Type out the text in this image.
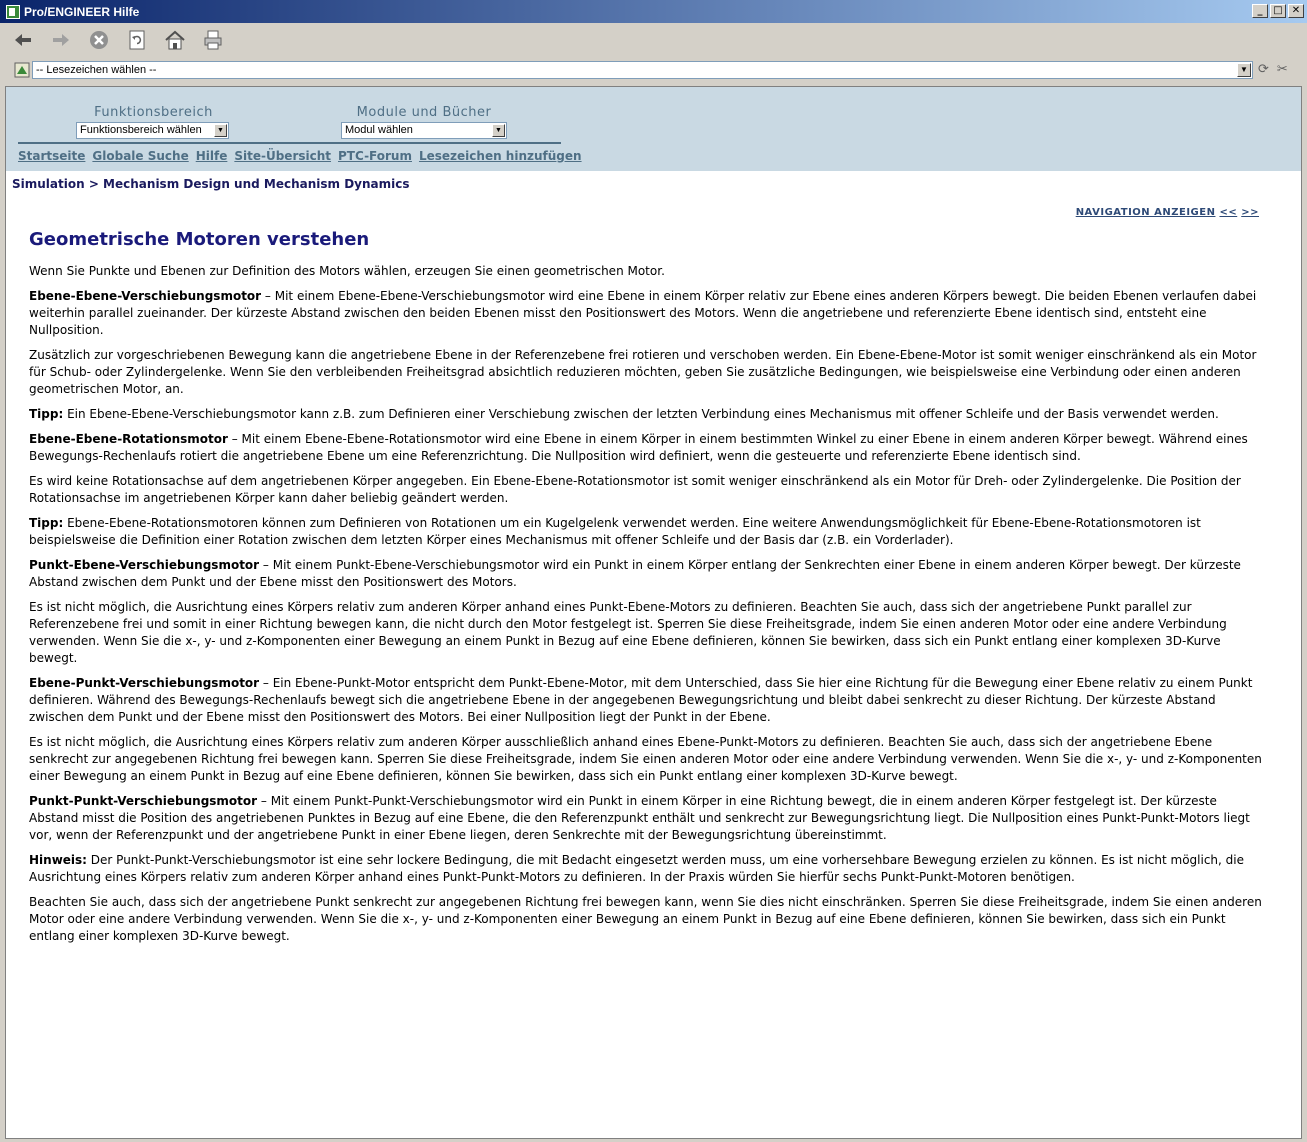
Pro/ENGINEER Hilfe	_	□ ✕
-- Lesezeichen wählen --	▼ ⟳ ✂
Funktionsbereich
Funktionsbereich wählen	▼
Module und Bücher
Modul wählen	▼
Startseite Globale Suche Hilfe Site-Übersicht PTC-Forum Lesezeichen hinzufügen
Simulation > Mechanism Design und Mechanism Dynamics
NAVIGATION ANZEIGEN << >>
Geometrische Motoren verstehen

Wenn Sie Punkte und Ebenen zur Definition des Motors wählen, erzeugen Sie einen geometrischen Motor.

Ebene-Ebene-Verschiebungsmotor – Mit einem Ebene-Ebene-Verschiebungsmotor wird eine Ebene in einem Körper relativ zur Ebene eines anderen Körpers bewegt. Die beiden Ebenen verlaufen dabei weiterhin parallel zueinander. Der kürzeste Abstand zwischen den beiden Ebenen misst den Positionswert des Motors. Wenn die angetriebene und referenzierte Ebene identisch sind, entsteht eine Nullposition.

Zusätzlich zur vorgeschriebenen Bewegung kann die angetriebene Ebene in der Referenzebene frei rotieren und verschoben werden. Ein Ebene-Ebene-Motor ist somit weniger einschränkend als ein Motor für Schub- oder Zylindergelenke. Wenn Sie den verbleibenden Freiheitsgrad absichtlich reduzieren möchten, geben Sie zusätzliche Bedingungen, wie beispielsweise eine Verbindung oder einen anderen geometrischen Motor, an.

Tipp: Ein Ebene-Ebene-Verschiebungsmotor kann z.B. zum Definieren einer Verschiebung zwischen der letzten Verbindung eines Mechanismus mit offener Schleife und der Basis verwendet werden.

Ebene-Ebene-Rotationsmotor – Mit einem Ebene-Ebene-Rotationsmotor wird eine Ebene in einem Körper in einem bestimmten Winkel zu einer Ebene in einem anderen Körper bewegt. Während eines Bewegungs-Rechenlaufs rotiert die angetriebene Ebene um eine Referenzrichtung. Die Nullposition wird definiert, wenn die gesteuerte und referenzierte Ebene identisch sind.

Es wird keine Rotationsachse auf dem angetriebenen Körper angegeben. Ein Ebene-Ebene-Rotationsmotor ist somit weniger einschränkend als ein Motor für Dreh- oder Zylindergelenke. Die Position der Rotationsachse im angetriebenen Körper kann daher beliebig geändert werden.

Tipp: Ebene-Ebene-Rotationsmotoren können zum Definieren von Rotationen um ein Kugelgelenk verwendet werden. Eine weitere Anwendungsmöglichkeit für Ebene-Ebene-Rotationsmotoren ist beispielsweise die Definition einer Rotation zwischen dem letzten Körper eines Mechanismus mit offener Schleife und der Basis dar (z.B. ein Vorderlader).

Punkt-Ebene-Verschiebungsmotor – Mit einem Punkt-Ebene-Verschiebungsmotor wird ein Punkt in einem Körper entlang der Senkrechten einer Ebene in einem anderen Körper bewegt. Der kürzeste Abstand zwischen dem Punkt und der Ebene misst den Positionswert des Motors.

Es ist nicht möglich, die Ausrichtung eines Körpers relativ zum anderen Körper anhand eines Punkt-Ebene-Motors zu definieren. Beachten Sie auch, dass sich der angetriebene Punkt parallel zur Referenzebene frei und somit in einer Richtung bewegen kann, die nicht durch den Motor festgelegt ist. Sperren Sie diese Freiheitsgrade, indem Sie einen anderen Motor oder eine andere Verbindung verwenden. Wenn Sie die x-, y- und z-Komponenten einer Bewegung an einem Punkt in Bezug auf eine Ebene definieren, können Sie bewirken, dass sich ein Punkt entlang einer komplexen 3D-Kurve bewegt.

Ebene-Punkt-Verschiebungsmotor – Ein Ebene-Punkt-Motor entspricht dem Punkt-Ebene-Motor, mit dem Unterschied, dass Sie hier eine Richtung für die Bewegung einer Ebene relativ zu einem Punkt definieren. Während des Bewegungs-Rechenlaufs bewegt sich die angetriebene Ebene in der angegebenen Bewegungsrichtung und bleibt dabei senkrecht zu dieser Richtung. Der kürzeste Abstand zwischen dem Punkt und der Ebene misst den Positionswert des Motors. Bei einer Nullposition liegt der Punkt in der Ebene.

Es ist nicht möglich, die Ausrichtung eines Körpers relativ zum anderen Körper ausschließlich anhand eines Ebene-Punkt-Motors zu definieren. Beachten Sie auch, dass sich der angetriebene Ebene senkrecht zur angegebenen Richtung frei bewegen kann. Sperren Sie diese Freiheitsgrade, indem Sie einen anderen Motor oder eine andere Verbindung verwenden. Wenn Sie die x-, y- und z-Komponenten einer Bewegung an einem Punkt in Bezug auf eine Ebene definieren, können Sie bewirken, dass sich ein Punkt entlang einer komplexen 3D-Kurve bewegt.

Punkt-Punkt-Verschiebungsmotor – Mit einem Punkt-Punkt-Verschiebungsmotor wird ein Punkt in einem Körper in eine Richtung bewegt, die in einem anderen Körper festgelegt ist. Der kürzeste Abstand misst die Position des angetriebenen Punktes in Bezug auf eine Ebene, die den Referenzpunkt enthält und senkrecht zur Bewegungsrichtung liegt. Die Nullposition eines Punkt-Punkt-Motors liegt vor, wenn der Referenzpunkt und der angetriebene Punkt in einer Ebene liegen, deren Senkrechte mit der Bewegungsrichtung übereinstimmt.

Hinweis: Der Punkt-Punkt-Verschiebungsmotor ist eine sehr lockere Bedingung, die mit Bedacht eingesetzt werden muss, um eine vorhersehbare Bewegung erzielen zu können. Es ist nicht möglich, die Ausrichtung eines Körpers relativ zum anderen Körper anhand eines Punkt-Punkt-Motors zu definieren. In der Praxis würden Sie hierfür sechs Punkt-Punkt-Motoren benötigen.

Beachten Sie auch, dass sich der angetriebene Punkt senkrecht zur angegebenen Richtung frei bewegen kann, wenn Sie dies nicht einschränken. Sperren Sie diese Freiheitsgrade, indem Sie einen anderen Motor oder eine andere Verbindung verwenden. Wenn Sie die x-, y- und z-Komponenten einer Bewegung an einem Punkt in Bezug auf eine Ebene definieren, können Sie bewirken, dass sich ein Punkt entlang einer komplexen 3D-Kurve bewegt.
